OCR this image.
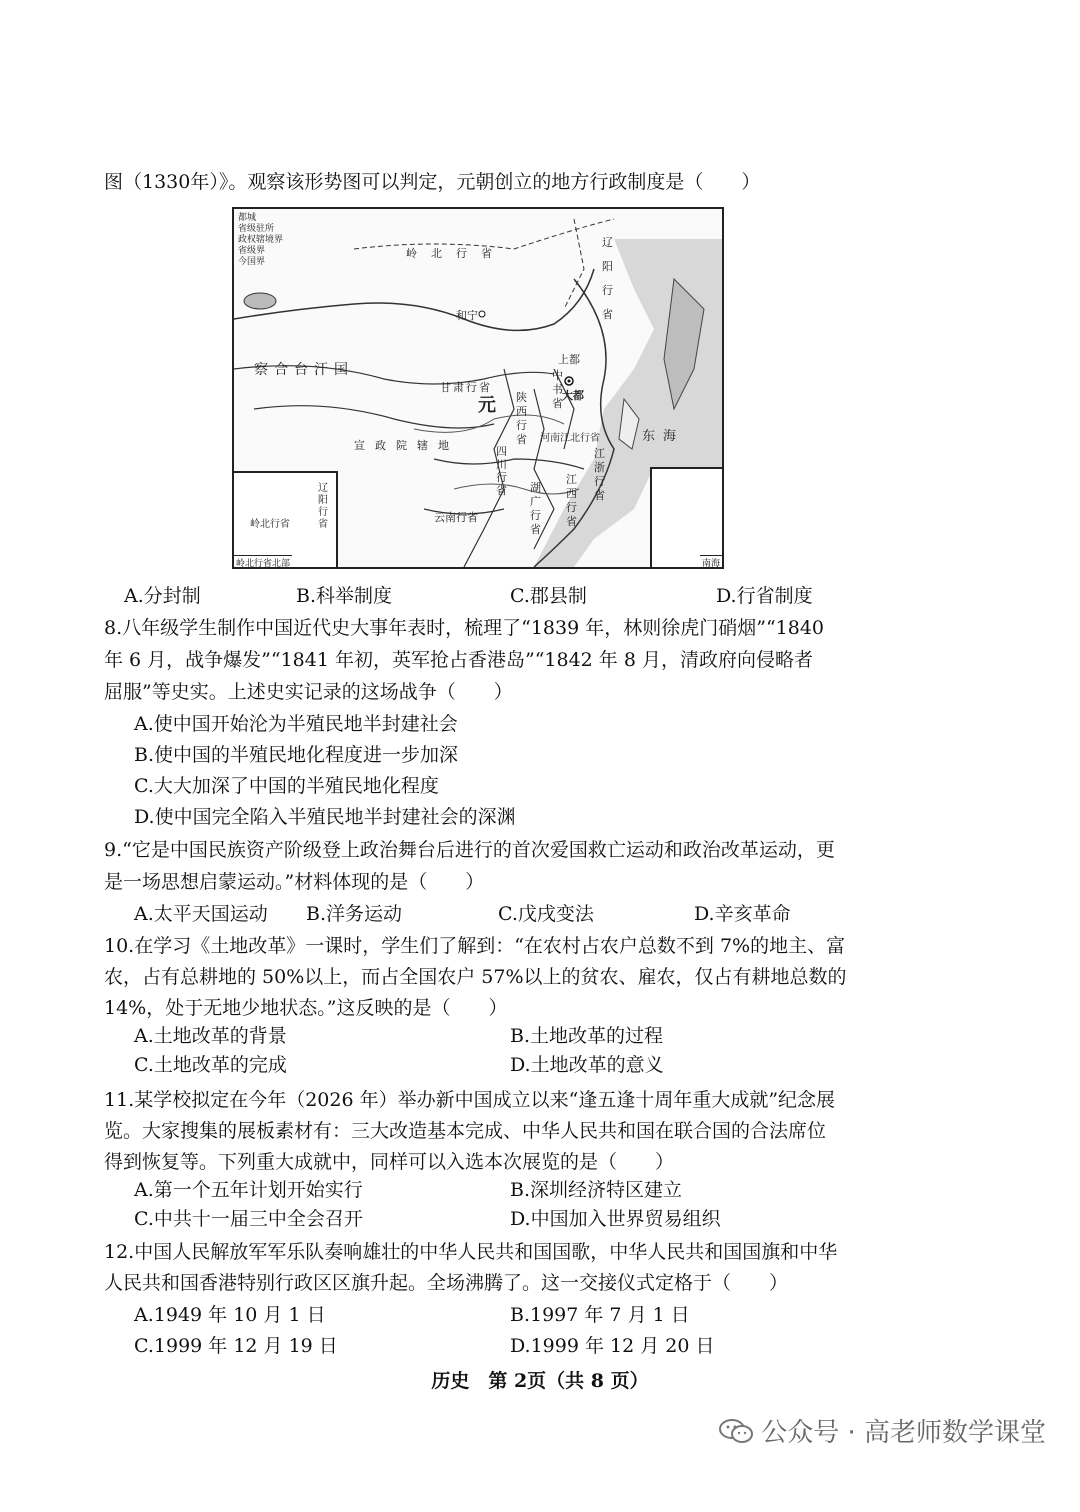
图（1330年）》。观察该形势图可以判定，元朝创立的地方行政制度是（　　）
都城
省级驻所
政权辖境界
省级界
今国界
岭北行省
辽阳行省
察合台汗国
和宁
上都
中书省
大都
甘肃行省
元 陕西行省
宣政院辖地
河南江北行省
四川行省
江浙行省
江西行省
湖广行省
云南行省
东海
岭北行省
辽阳行省
岭北行省北部	南海
A.分封制	B.科举制度	C.郡县制	D.行省制度
8.八年级学生制作中国近代史大事年表时，梳理了“1839 年，林则徐虎门硝烟”“1840
年 6 月，战争爆发”“1841 年初，英军抢占香港岛”“1842 年 8 月，清政府向侵略者
屈服”等史实。上述史实记录的这场战争（　　）
A.使中国开始沦为半殖民地半封建社会
B.使中国的半殖民地化程度进一步加深
C.大大加深了中国的半殖民地化程度
D.使中国完全陷入半殖民地半封建社会的深渊
9.“它是中国民族资产阶级登上政治舞台后进行的首次爱国救亡运动和政治改革运动，更
是一场思想启蒙运动。”材料体现的是（　　）
A.太平天国运动 B.洋务运动	C.戊戌变法	D.辛亥革命
10.在学习《土地改革》一课时，学生们了解到：“在农村占农户总数不到 7%的地主、富
农，占有总耕地的 50%以上，而占全国农户 57%以上的贫农、雇农，仅占有耕地总数的
14%，处于无地少地状态。”这反映的是（　　）
A.土地改革的背景	B.土地改革的过程
C.土地改革的完成	D.土地改革的意义
11.某学校拟定在今年（2026 年）举办新中国成立以来“逢五逢十周年重大成就”纪念展
览。大家搜集的展板素材有：三大改造基本完成、中华人民共和国在联合国的合法席位
得到恢复等。下列重大成就中，同样可以入选本次展览的是（　　）
A.第一个五年计划开始实行	B.深圳经济特区建立
C.中共十一届三中全会召开	D.中国加入世界贸易组织
12.中国人民解放军军乐队奏响雄壮的中华人民共和国国歌，中华人民共和国国旗和中华
人民共和国香港特别行政区区旗升起。全场沸腾了。这一交接仪式定格于（　　）
A.1949 年 10 月 1 日	B.1997 年 7 月 1 日
C.1999 年 12 月 19 日	D.1999 年 12 月 20 日
历史　第 2页（共 8 页）
公众号 · 高老师数学课堂
